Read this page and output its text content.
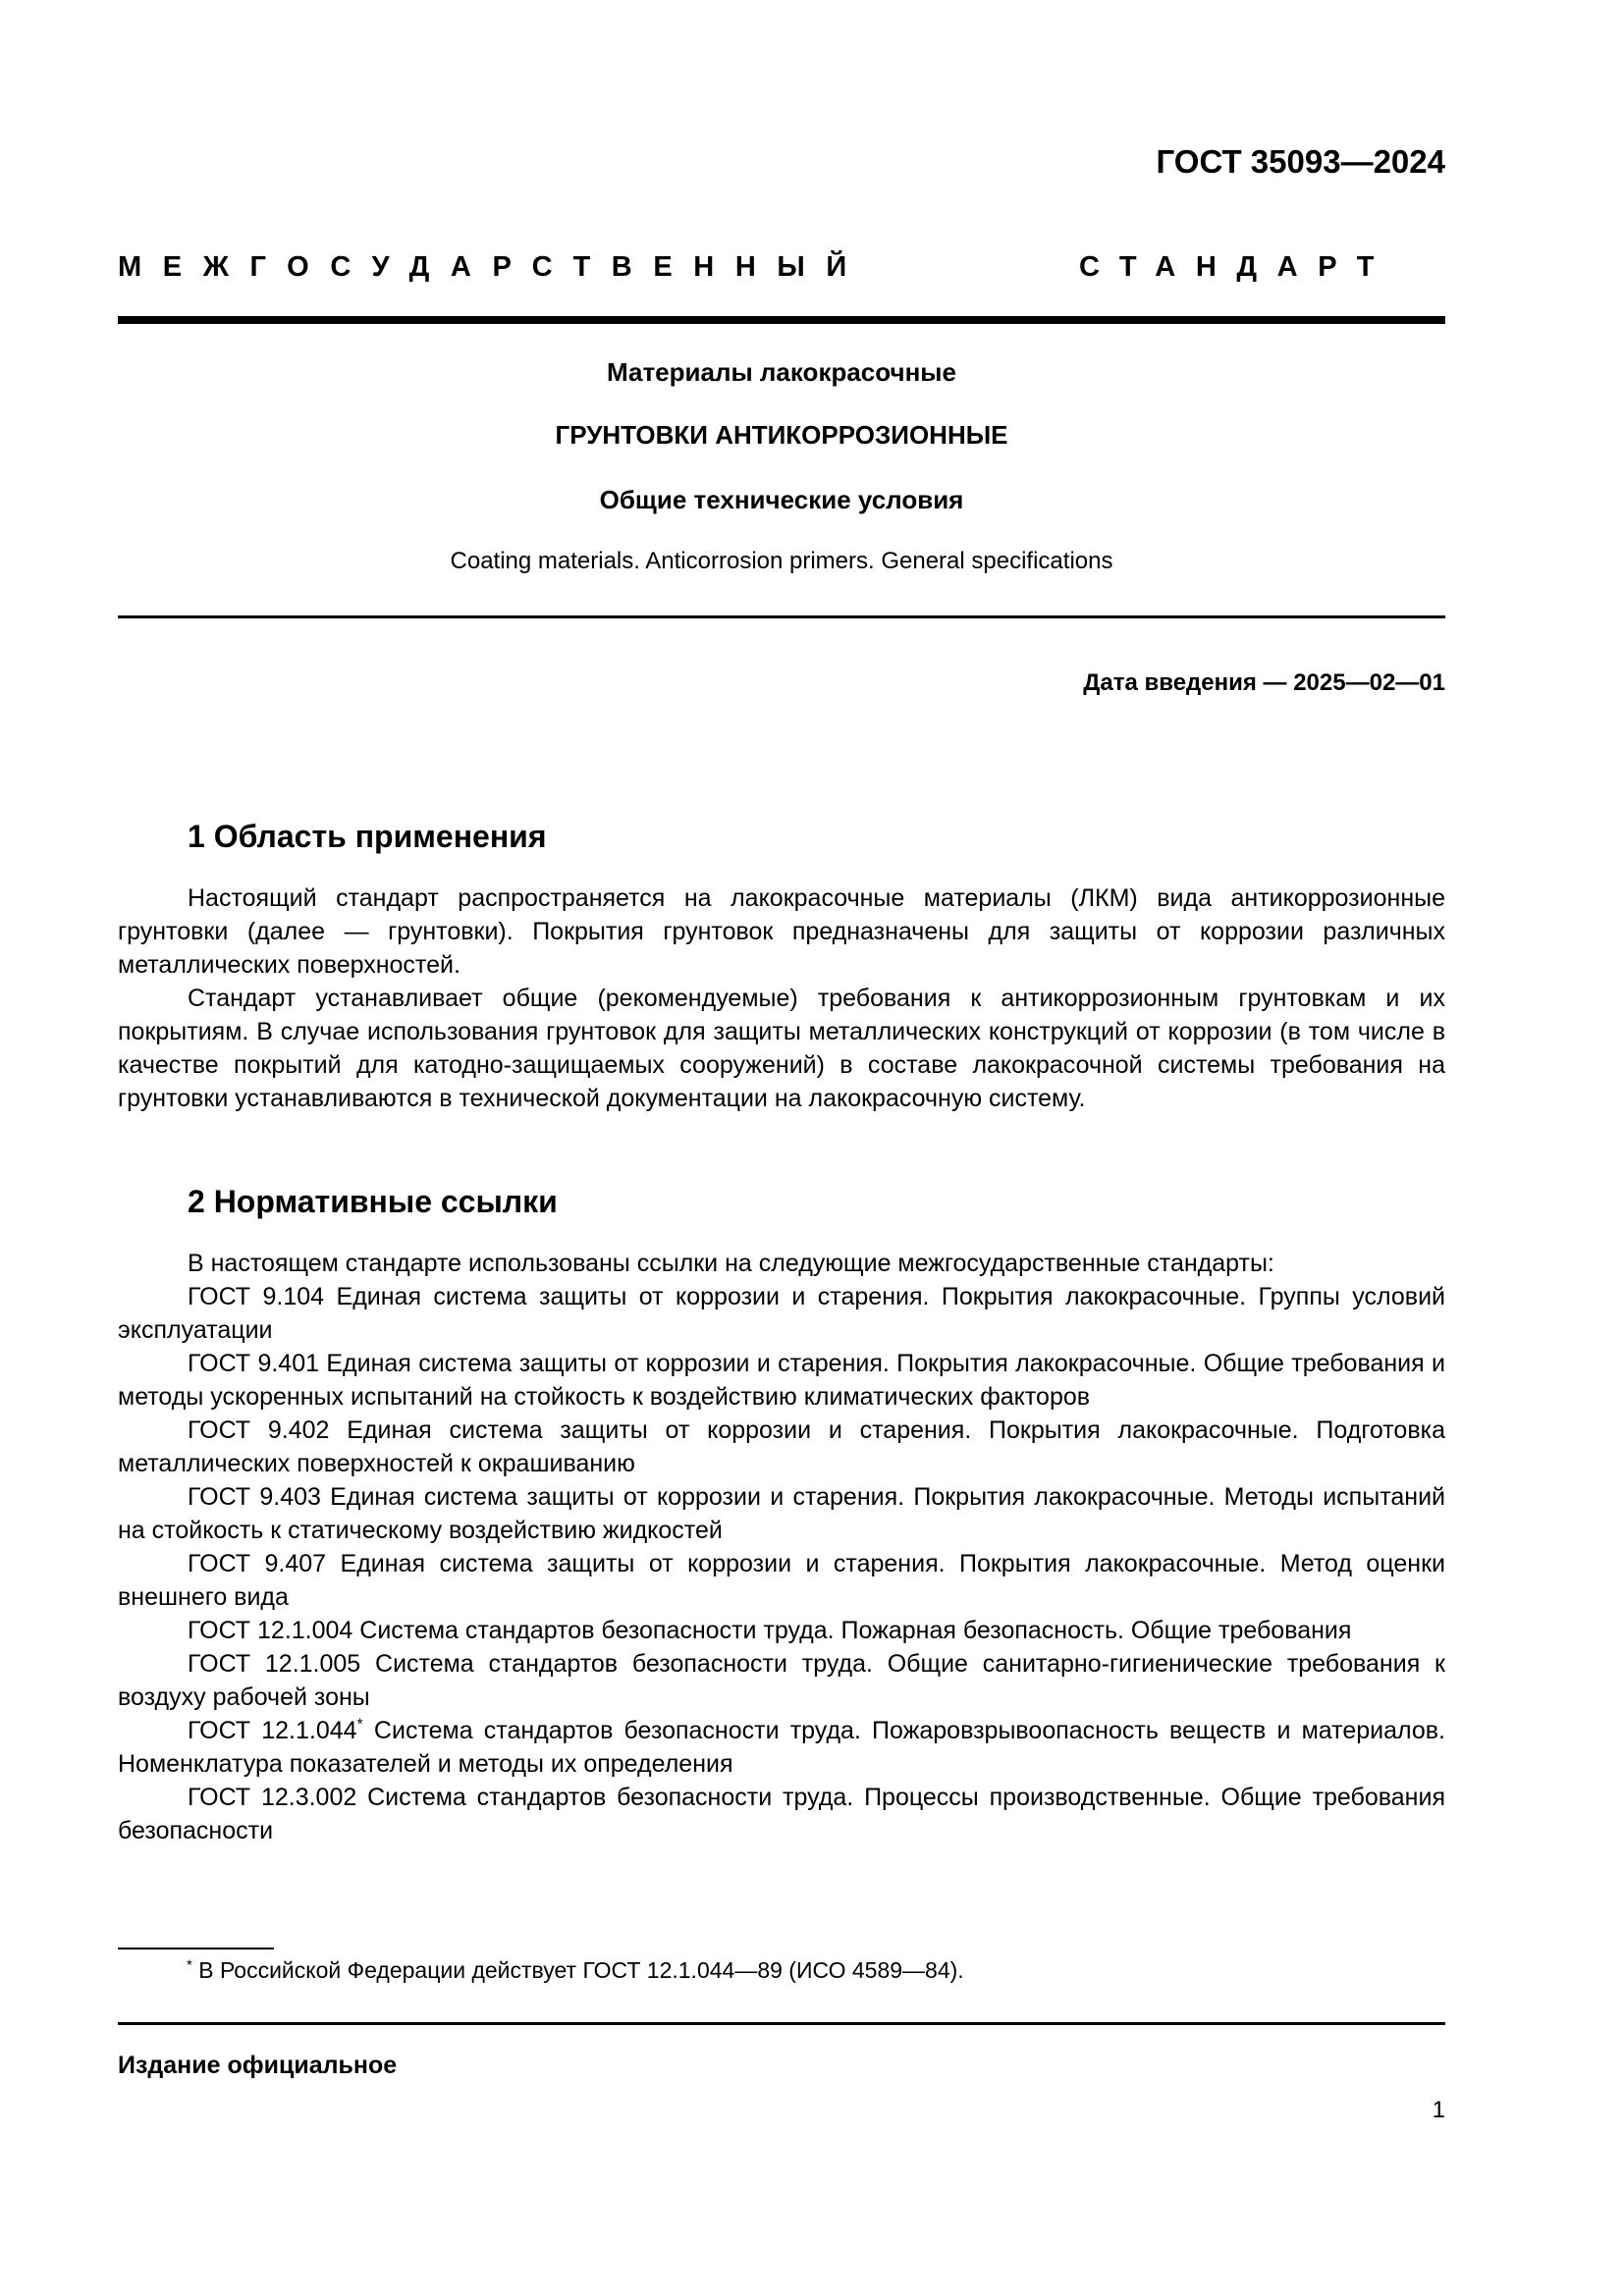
ГОСТ 35093—2024
МЕЖГОСУДАРСТВЕННЫЙ	СТАНДАРТ
Материалы лакокрасочные
ГРУНТОВКИ АНТИКОРРОЗИОННЫЕ
Общие технические условия
Coating materials. Anticorrosion primers. General specifications
Дата введения — 2025—02—01
1 Область применения

Настоящий стандарт распространяется на лакокрасочные материалы (ЛКМ) вида антикоррозионные грунтовки (далее — грунтовки). Покрытия грунтовок предназначены для защиты от коррозии различных металлических поверхностей.

Стандарт устанавливает общие (рекомендуемые) требования к антикоррозионным грунтовкам и их покрытиям. В случае использования грунтовок для защиты металлических конструкций от коррозии (в том числе в качестве покрытий для катодно-защищаемых сооружений) в составе лакокрасочной системы требования на грунтовки устанавливаются в технической документации на лакокрасочную систему.

2 Нормативные ссылки

В настоящем стандарте использованы ссылки на следующие межгосударственные стандарты:

ГОСТ 9.104 Единая система защиты от коррозии и старения. Покрытия лакокрасочные. Группы условий эксплуатации

ГОСТ 9.401 Единая система защиты от коррозии и старения. Покрытия лакокрасочные. Общие требования и методы ускоренных испытаний на стойкость к воздействию климатических факторов

ГОСТ 9.402 Единая система защиты от коррозии и старения. Покрытия лакокрасочные. Подготовка металлических поверхностей к окрашиванию

ГОСТ 9.403 Единая система защиты от коррозии и старения. Покрытия лакокрасочные. Методы испытаний на стойкость к статическому воздействию жидкостей

ГОСТ 9.407 Единая система защиты от коррозии и старения. Покрытия лакокрасочные. Метод оценки внешнего вида

ГОСТ 12.1.004 Система стандартов безопасности труда. Пожарная безопасность. Общие требования

ГОСТ 12.1.005 Система стандартов безопасности труда. Общие санитарно-гигиенические требования к воздуху рабочей зоны

ГОСТ 12.1.044* Система стандартов безопасности труда. Пожаровзрывоопасность веществ и материалов. Номенклатура показателей и методы их определения

ГОСТ 12.3.002 Система стандартов безопасности труда. Процессы производственные. Общие требования безопасности

* В Российской Федерации действует ГОСТ 12.1.044—89 (ИСО 4589—84).
Издание официальное
1
